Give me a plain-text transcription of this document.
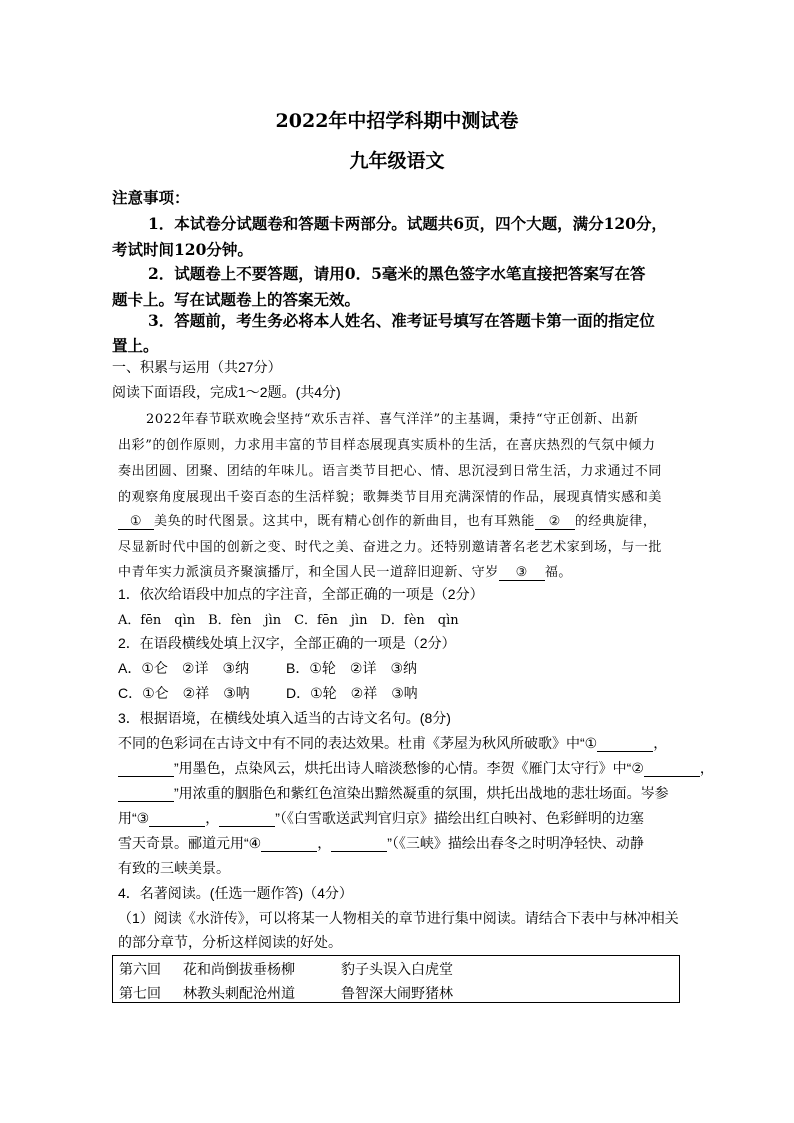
2022年中招学科期中测试卷
九年级语文
注意事项：
1．本试卷分试题卷和答题卡两部分。试题共6页，四个大题，满分120分，
考试时间120分钟。
2．试题卷上不要答题，请用0．5毫米的黑色签字水笔直接把答案写在答
题卡上。写在试题卷上的答案无效。
3．答题前，考生务必将本人姓名、准考证号填写在答题卡第一面的指定位
置上。
一、积累与运用（共27分）
阅读下面语段，完成1～2题。(共4分)
2022年春节联欢晚会坚持“欢乐吉祥、喜气洋洋”的主基调，秉持“守正创新、出新
出彩”的创作原则，力求用丰富的节目样态展现真实质朴的生活，在喜庆热烈的气氛中倾力
奏出团圆、团聚、团结的年味儿。语言类节目把心、情、思沉浸到日常生活，力求通过不同
的观察角度展现出千姿百态的生活样貌；歌舞类节目用充满深情的作品，展现真情实感和美
① 美奂的时代图景。这其中，既有精心创作的新曲目，也有耳熟能 ② 的经典旋律，
尽显新时代中国的创新之变、时代之美、奋进之力。还特别邀请著名老艺术家到场，与一批
中青年实力派演员齐聚演播厅，和全国人民一道辞旧迎新、守岁 ③ 福。
1．依次给语段中加点的字注音，全部正确的一项是（2分）
A．fēn　qìn　B．fèn　jìn　C．fēn　jìn　D．fèn　qìn
2．在语段横线处填上汉字，全部正确的一项是（2分）
A．①仑　②详　③纳	B．①轮　②详　③纳
C．①仑　②祥　③呐	D．①轮　②祥　③呐
3．根据语境，在横线处填入适当的古诗文名句。(8分)
不同的色彩词在古诗文中有不同的表达效果。杜甫《茅屋为秋风所破歌》中“①	，
”用墨色，点染风云，烘托出诗人暗淡愁惨的心情。李贺《雁门太守行》中“②	，
”用浓重的胭脂色和紫红色渲染出黯然凝重的氛围，烘托出战地的悲壮场面。岑参
用“③	，	”（《白雪歌送武判官归京》描绘出红白映衬、色彩鲜明的边塞
雪天奇景。郦道元用“④	，	”（《三峡》描绘出春冬之时明净轻快、动静
有致的三峡美景。
4．名著阅读。(任选一题作答)（4分）
（1）阅读《水浒传》，可以将某一人物相关的章节进行集中阅读。请结合下表中与林冲相关
的部分章节，分析这样阅读的好处。
第六回 花和尚倒拔垂杨柳	豹子头误入白虎堂
第七回 林教头刺配沧州道	鲁智深大闹野猪林
